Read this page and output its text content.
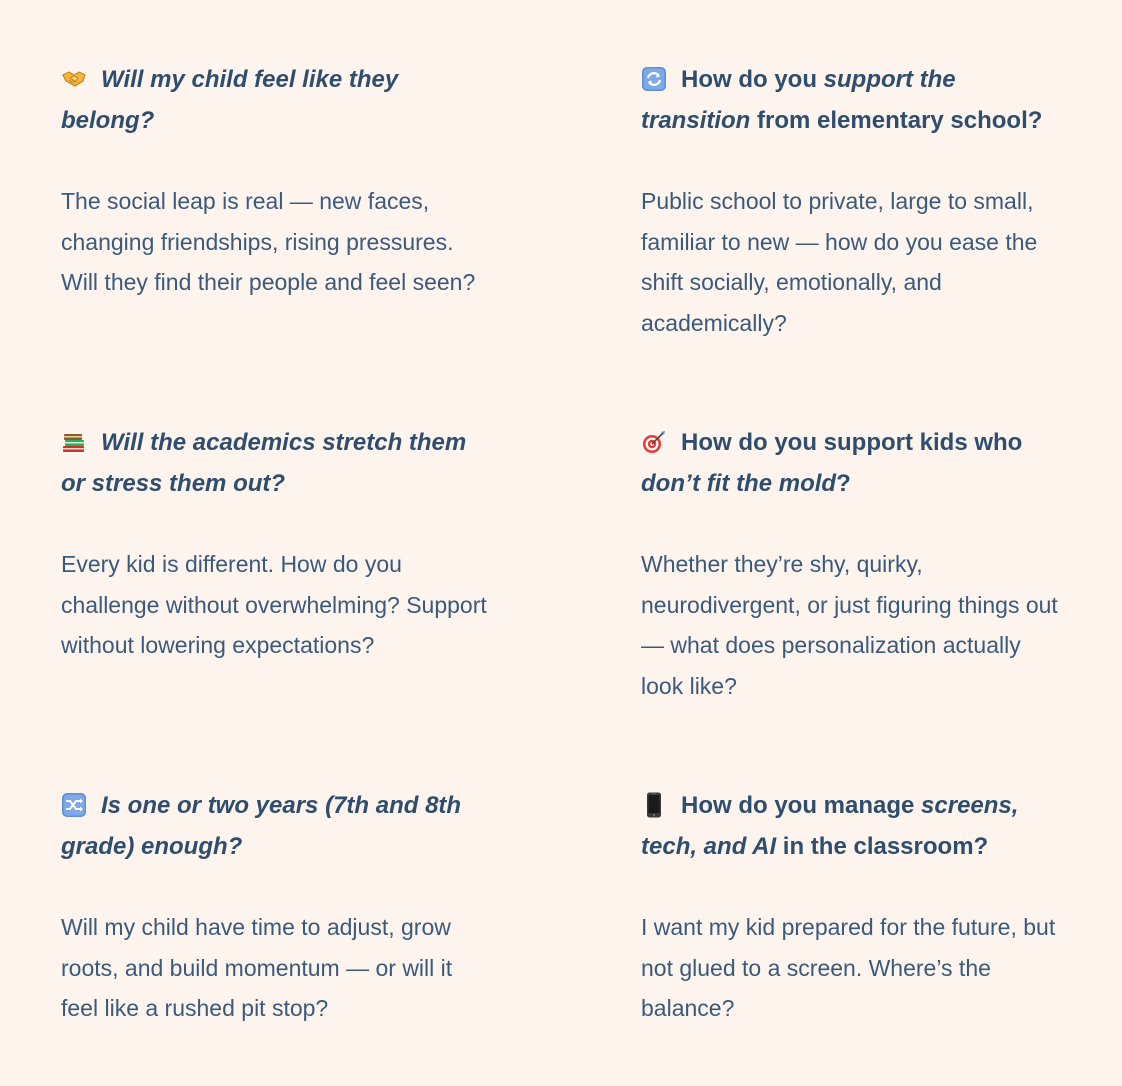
Will my child feel like they belong?

The social leap is real — new faces, changing friendships, rising pressures. Will they find their people and feel seen?

How do you support the transition from elementary school?

Public school to private, large to small, familiar to new — how do you ease the shift socially, emotionally, and academically?

Will the academics stretch them or stress them out?

Every kid is different. How do you challenge without overwhelming? Support without lowering expectations?

How do you support kids who don’t fit the mold?

Whether they’re shy, quirky, neurodivergent, or just figuring things out — what does personalization actually look like?

Is one or two years (7th and 8th grade) enough?

Will my child have time to adjust, grow roots, and build momentum — or will it feel like a rushed pit stop?

How do you manage screens, tech, and AI in the classroom?

I want my kid prepared for the future, but not glued to a screen. Where’s the balance?
